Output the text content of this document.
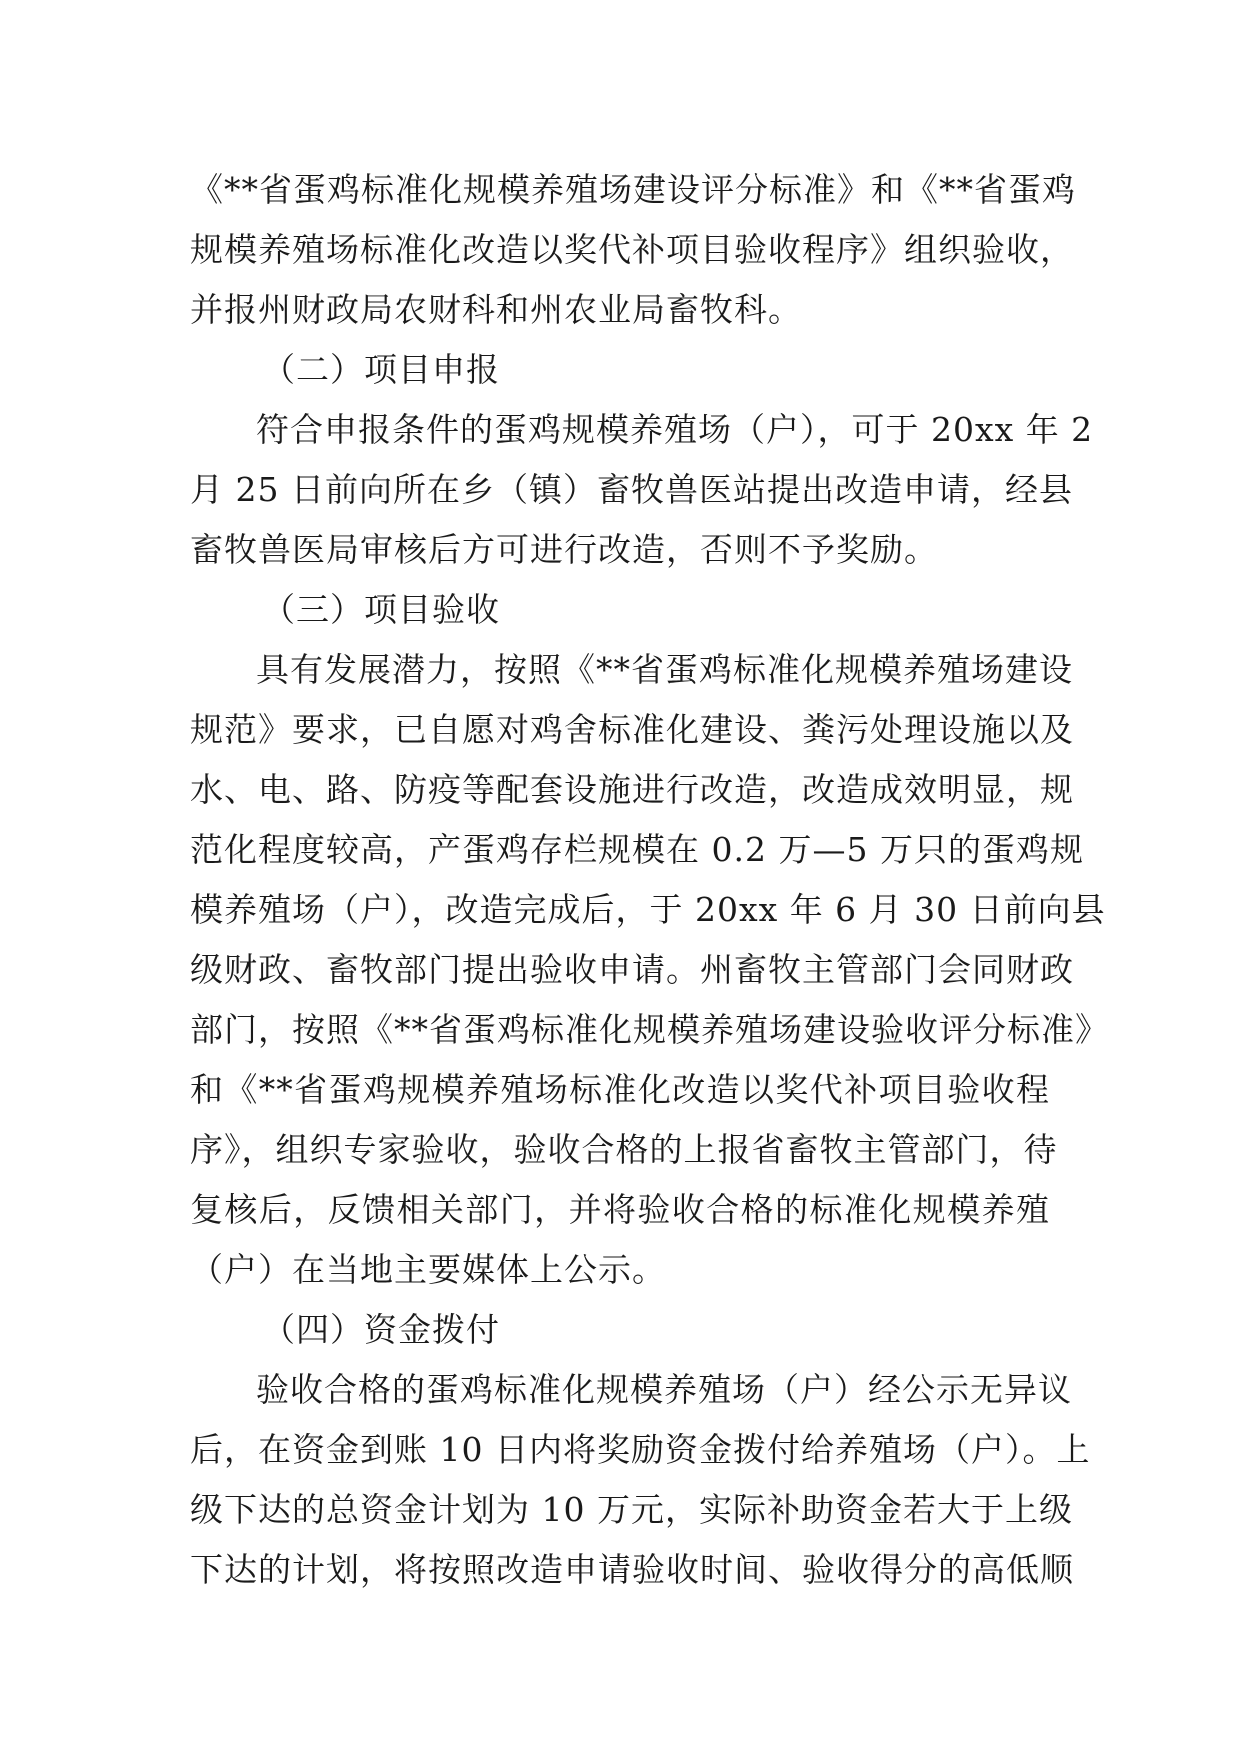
《**省蛋鸡标准化规模养殖场建设评分标准》和《**省蛋鸡
规模养殖场标准化改造以奖代补项目验收程序》组织验收，
并报州财政局农财科和州农业局畜牧科。
（二）项目申报
符合申报条件的蛋鸡规模养殖场（户），可于 20xx 年 2
月 25 日前向所在乡（镇）畜牧兽医站提出改造申请，经县
畜牧兽医局审核后方可进行改造，否则不予奖励。
（三）项目验收
具有发展潜力，按照《**省蛋鸡标准化规模养殖场建设
规范》要求，已自愿对鸡舍标准化建设、粪污处理设施以及
水、电、路、防疫等配套设施进行改造，改造成效明显，规
范化程度较高，产蛋鸡存栏规模在 0.2 万—5 万只的蛋鸡规
模养殖场（户），改造完成后，于 20xx 年 6 月 30 日前向县
级财政、畜牧部门提出验收申请。州畜牧主管部门会同财政
部门，按照《**省蛋鸡标准化规模养殖场建设验收评分标准》
和《**省蛋鸡规模养殖场标准化改造以奖代补项目验收程
序》，组织专家验收，验收合格的上报省畜牧主管部门，待
复核后，反馈相关部门，并将验收合格的标准化规模养殖
（户）在当地主要媒体上公示。
（四）资金拨付
验收合格的蛋鸡标准化规模养殖场（户）经公示无异议
后，在资金到账 10 日内将奖励资金拨付给养殖场（户）。上
级下达的总资金计划为 10 万元，实际补助资金若大于上级
下达的计划，将按照改造申请验收时间、验收得分的高低顺
